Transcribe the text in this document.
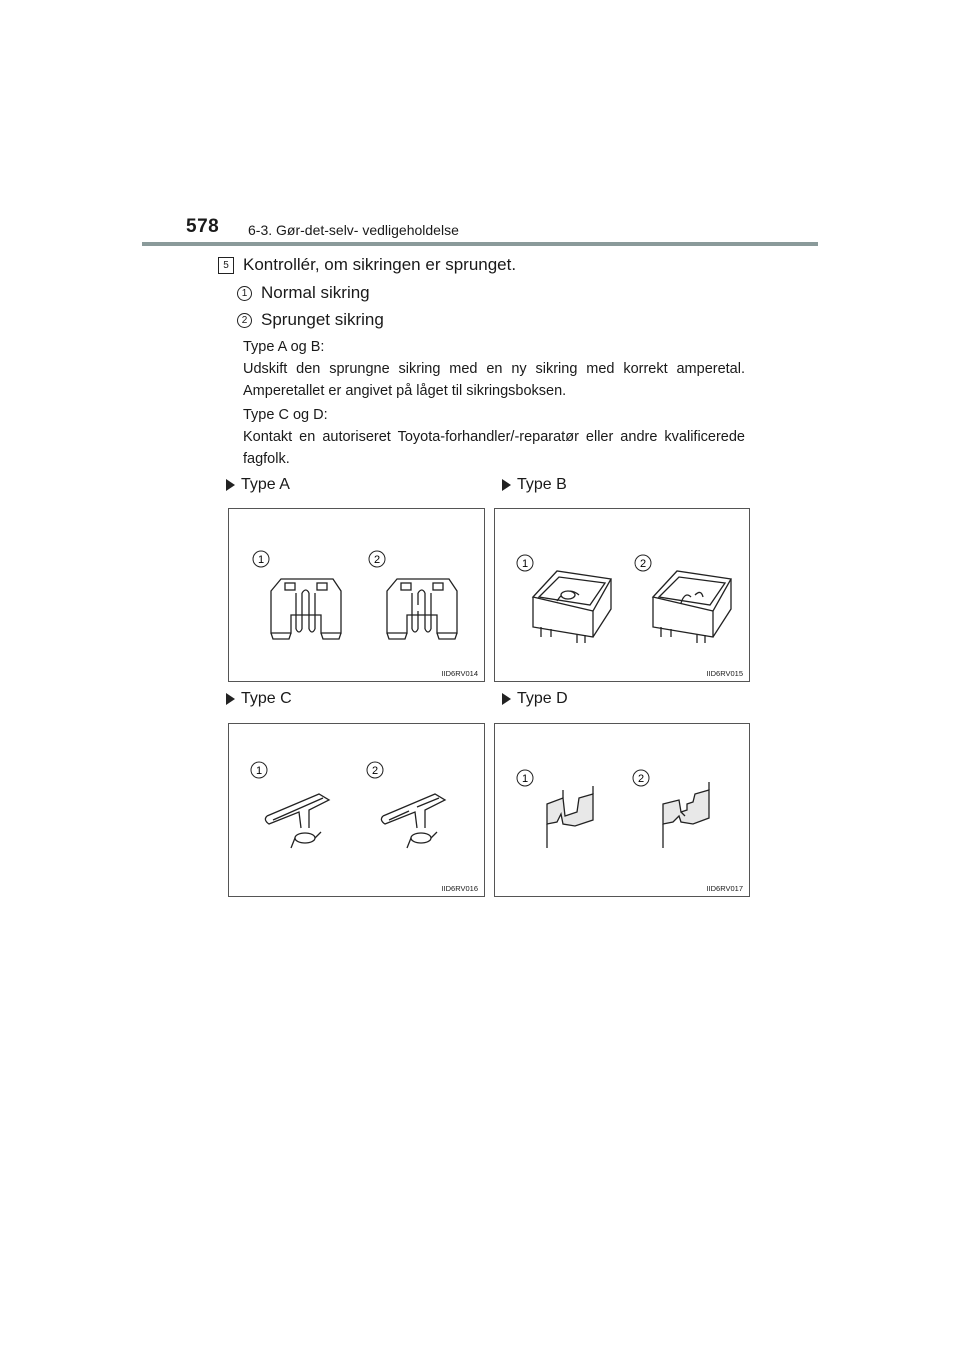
578 6-3. Gør-det-selv- vedligeholdelse
5 Kontrollér, om sikringen er sprunget.
1 Normal sikring
2 Sprunget sikring
Type A og B:
Udskift den sprungne sikring med en ny sikring med korrekt amperetal.
Amperetallet er angivet på låget til sikringsboksen.
Type C og D:
Kontakt en autoriseret Toyota-forhandler/-reparatør eller andre kvalificerede
fagfolk.
Type A	Type B
Type C	Type D
1	2
IID6RV014
1	2
IID6RV015
1	2
IID6RV016
1	2
IID6RV017
